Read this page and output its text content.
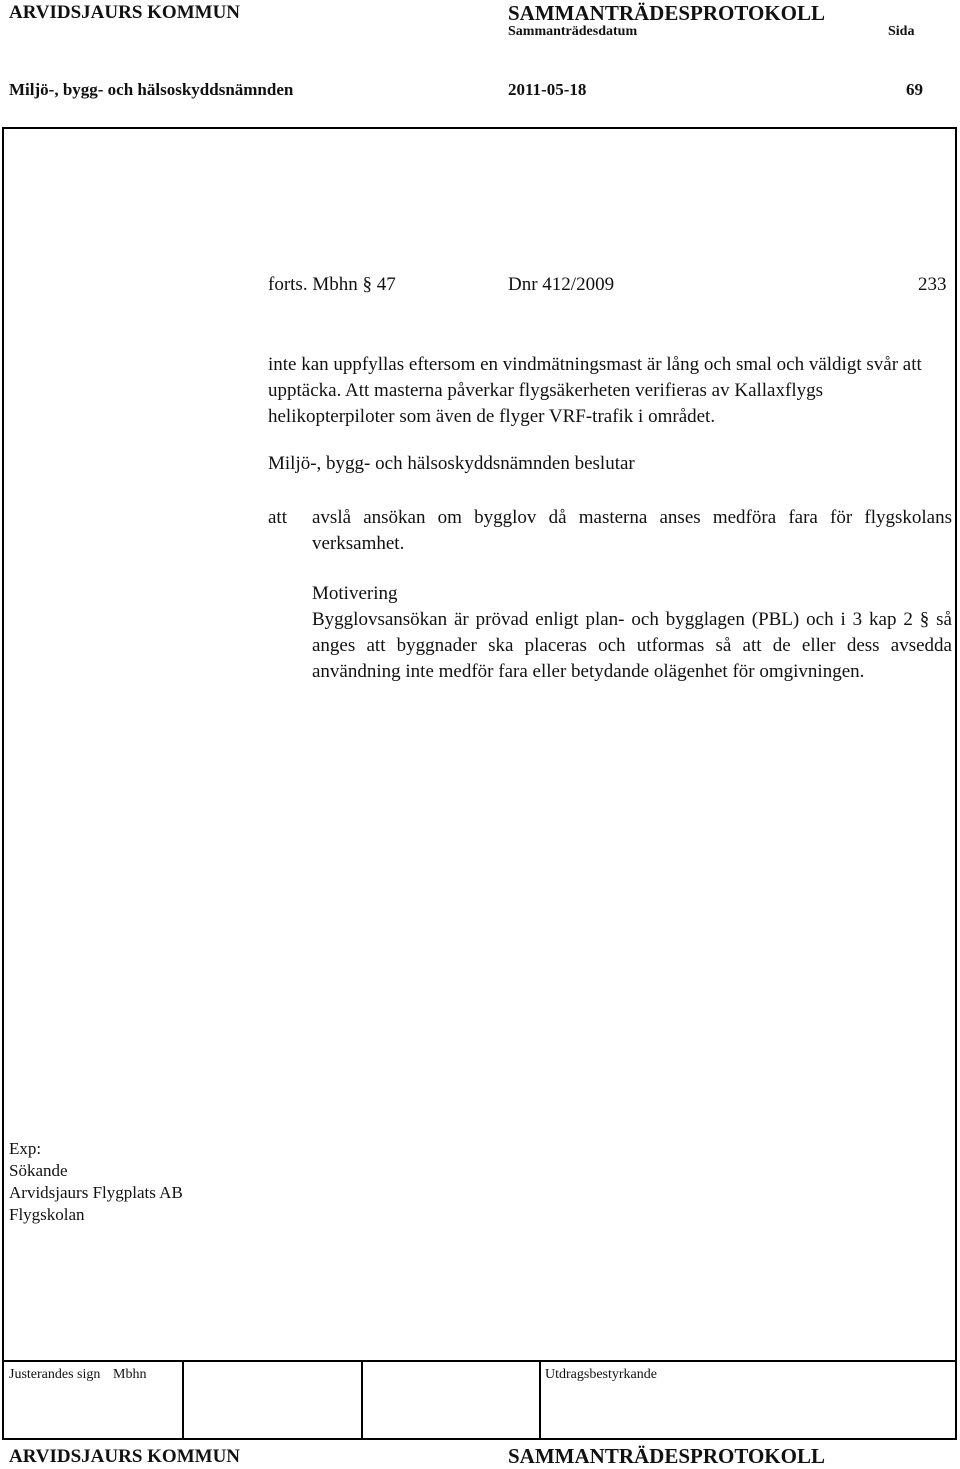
ARVIDSJAURS KOMMUN	SAMMANTRÄDESPROTOKOLL
Sammanträdesdatum	Sida
Miljö-, bygg- och hälsoskyddsnämnden	2011-05-18	69
forts. Mbhn § 47	Dnr 412/2009	233
inte kan uppfyllas eftersom en vindmätningsmast är lång och smal och väldigt svår att upptäcka. Att masterna påverkar flygsäkerheten verifieras av Kallaxflygs helikopterpiloter som även de flyger VRF-trafik i området.
Miljö-, bygg- och hälsoskyddsnämnden beslutar
att avslå ansökan om bygglov då masterna anses medföra fara för flygskolans verksamhet.
Motivering
Bygglovsansökan är prövad enligt plan- och bygglagen (PBL) och i 3 kap 2 § så anges att byggnader ska placeras och utformas så att de eller dess avsedda användning inte medför fara eller betydande olägenhet för omgivningen.
Exp:
Sökande
Arvidsjaurs Flygplats AB
Flygskolan
Justerandes sign Mbhn	Utdragsbestyrkande
ARVIDSJAURS KOMMUN	SAMMANTRÄDESPROTOKOLL
